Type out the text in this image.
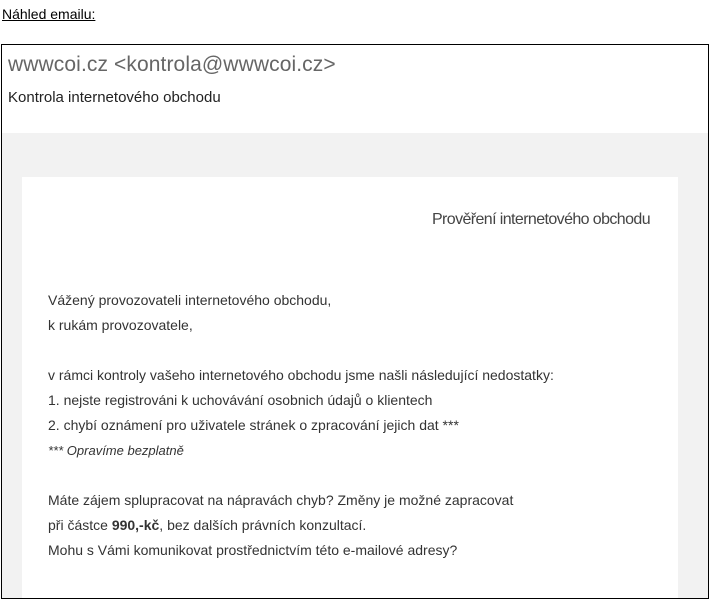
Náhled emailu:
wwwcoi.cz <kontrola@wwwcoi.cz>
Kontrola internetového obchodu
Prověření internetového obchodu
Vážený provozovateli internetového obchodu,
k rukám provozovatele,
v rámci kontroly vašeho internetového obchodu jsme našli následující nedostatky:
1. nejste registrováni k uchovávání osobnich údajů o klientech
2. chybí oznámení pro uživatele stránek o zpracování jejich dat ***
*** Opravíme bezplatně
Máte zájem splupracovat na nápravách chyb? Změny je možné zapracovat
při částce 990,-kč, bez dalších právních konzultací.
Mohu s Vámi komunikovat prostřednictvím této e-mailové adresy?
